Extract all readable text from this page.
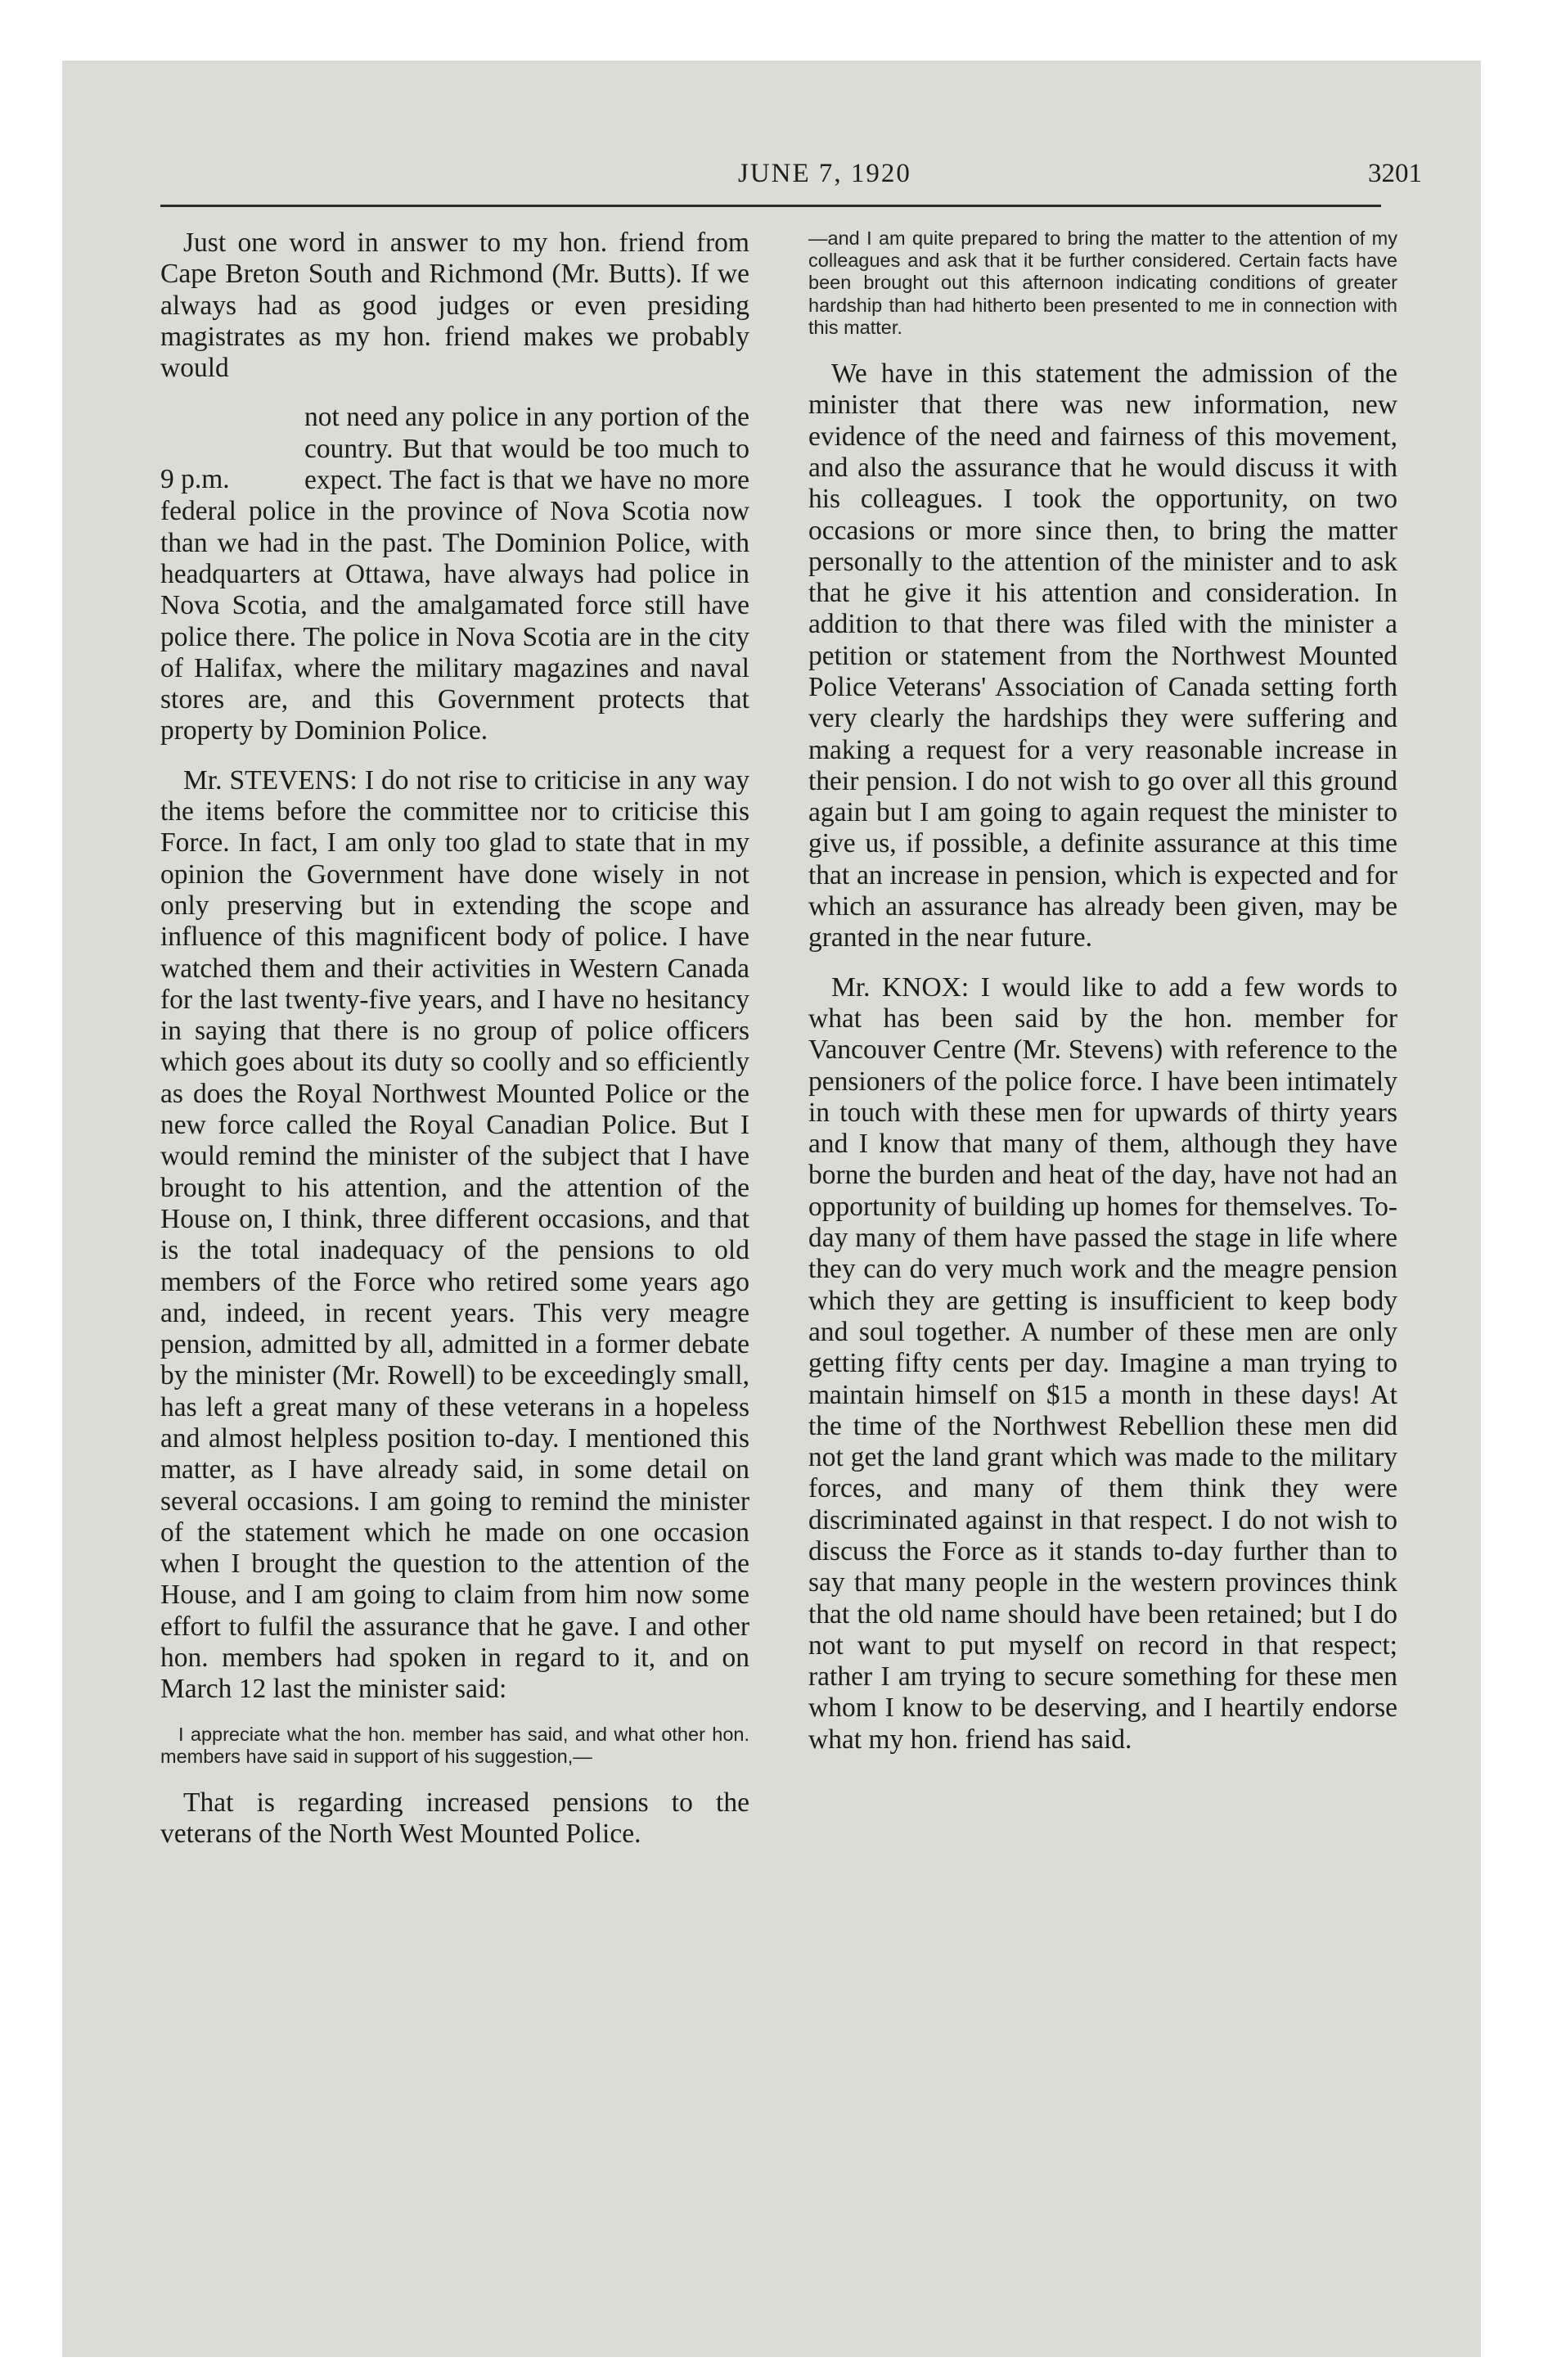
JUNE 7, 1920	3201

Just one word in answer to my hon. friend from Cape Breton South and Richmond (Mr. Butts). If we always had as good judges or even presiding magistrates as my hon. friend makes we probably would

9 p.m.

not need any police in any portion of the country. But that would be too much to expect. The fact is that we have no more federal police in the province of Nova Scotia now than we had in the past. The Dominion Police, with headquarters at Ottawa, have always had police in Nova Scotia, and the amalgamated force still have police there. The police in Nova Scotia are in the city of Halifax, where the military magazines and naval stores are, and this Government protects that property by Dominion Police.

Mr. STEVENS: I do not rise to criticise in any way the items before the committee nor to criticise this Force. In fact, I am only too glad to state that in my opinion the Government have done wisely in not only preserving but in extending the scope and influence of this magnificent body of police. I have watched them and their activities in Western Canada for the last twenty-five years, and I have no hesitancy in saying that there is no group of police officers which goes about its duty so coolly and so efficiently as does the Royal Northwest Mounted Police or the new force called the Royal Canadian Police. But I would remind the minister of the subject that I have brought to his attention, and the attention of the House on, I think, three different occasions, and that is the total inadequacy of the pensions to old members of the Force who retired some years ago and, indeed, in recent years. This very meagre pension, admitted by all, admitted in a former debate by the minister (Mr. Rowell) to be exceedingly small, has left a great many of these veterans in a hopeless and almost helpless position to-day. I mentioned this matter, as I have already said, in some detail on several occasions. I am going to remind the minister of the statement which he made on one occasion when I brought the question to the attention of the House, and I am going to claim from him now some effort to fulfil the assurance that he gave. I and other hon. members had spoken in regard to it, and on March 12 last the minister said:

I appreciate what the hon. member has said, and what other hon. members have said in support of his suggestion,—

That is regarding increased pensions to the veterans of the North West Mounted Police.

—and I am quite prepared to bring the matter to the attention of my colleagues and ask that it be further considered. Certain facts have been brought out this afternoon indicating conditions of greater hardship than had hitherto been presented to me in connection with this matter.

We have in this statement the admission of the minister that there was new information, new evidence of the need and fairness of this movement, and also the assurance that he would discuss it with his colleagues. I took the opportunity, on two occasions or more since then, to bring the matter personally to the attention of the minister and to ask that he give it his attention and consideration. In addition to that there was filed with the minister a petition or statement from the Northwest Mounted Police Veterans' Association of Canada setting forth very clearly the hardships they were suffering and making a request for a very reasonable increase in their pension. I do not wish to go over all this ground again but I am going to again request the minister to give us, if possible, a definite assurance at this time that an increase in pension, which is expected and for which an assurance has already been given, may be granted in the near future.

Mr. KNOX: I would like to add a few words to what has been said by the hon. member for Vancouver Centre (Mr. Stevens) with reference to the pensioners of the police force. I have been intimately in touch with these men for upwards of thirty years and I know that many of them, although they have borne the burden and heat of the day, have not had an opportunity of building up homes for themselves. To-day many of them have passed the stage in life where they can do very much work and the meagre pension which they are getting is insufficient to keep body and soul together. A number of these men are only getting fifty cents per day. Imagine a man trying to maintain himself on $15 a month in these days! At the time of the Northwest Rebellion these men did not get the land grant which was made to the military forces, and many of them think they were discriminated against in that respect. I do not wish to discuss the Force as it stands to-day further than to say that many people in the western provinces think that the old name should have been retained; but I do not want to put myself on record in that respect; rather I am trying to secure something for these men whom I know to be deserving, and I heartily endorse what my hon. friend has said.
